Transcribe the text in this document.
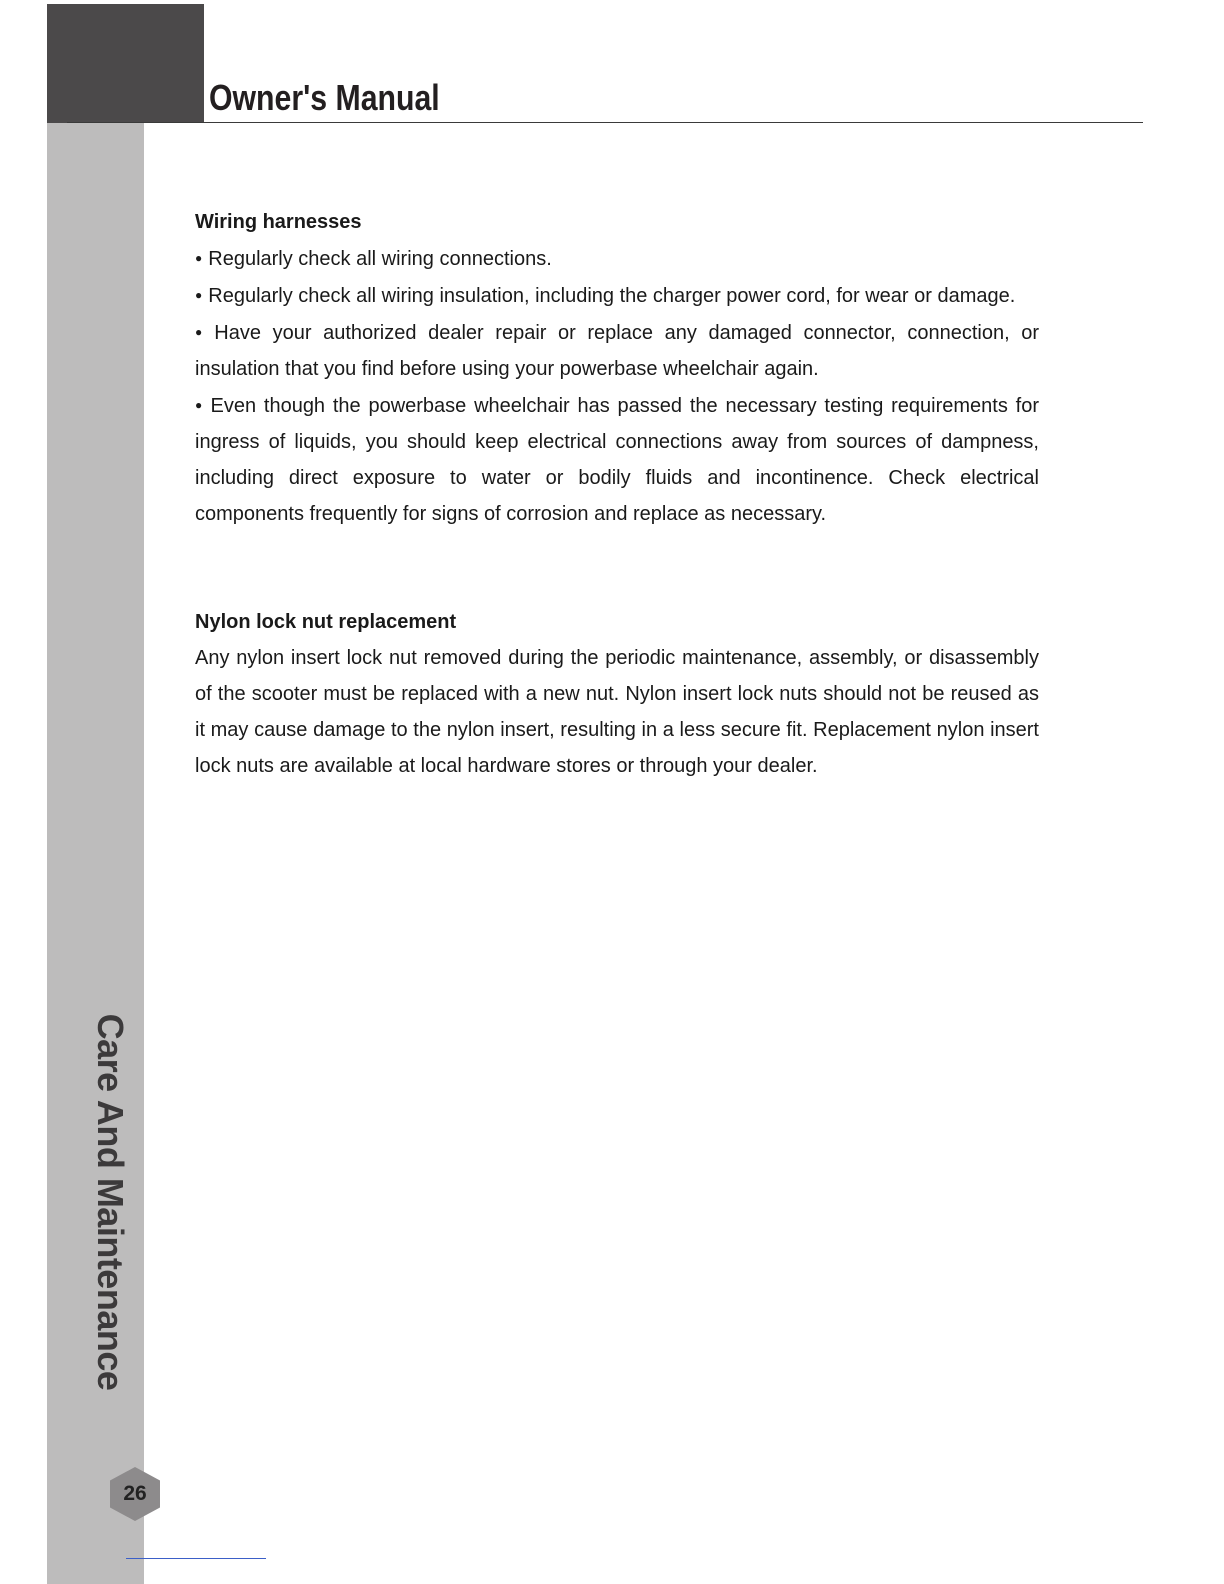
Owner's Manual
Care And Maintenance
26
Wiring harnesses

● Regularly check all wiring connections.

● Regularly check all wiring insulation, including the charger power cord, for wear or damage.

● Have your authorized dealer repair or replace any damaged connector, connection, or insulation that you find before using your powerbase wheelchair again.

● Even though the powerbase wheelchair has passed the necessary testing requirements for ingress of liquids, you should keep electrical connections away from sources of dampness, including direct exposure to water or bodily fluids and incontinence. Check electrical components frequently for signs of corrosion and replace as necessary.

Nylon lock nut replacement

Any nylon insert lock nut removed during the periodic maintenance, assembly, or disassembly of the scooter must be replaced with a new nut. Nylon insert lock nuts should not be reused as it may cause damage to the nylon insert, resulting in a less secure fit. Replacement nylon insert lock nuts are available at local hardware stores or through your dealer.
